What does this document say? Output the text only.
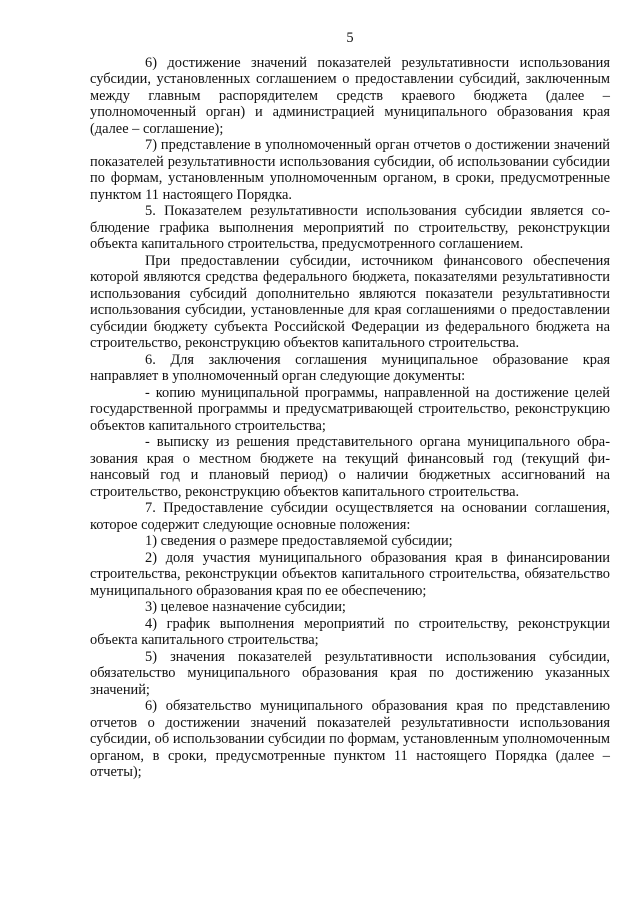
5

6) достижение значений показателей результативности использования субсидии, установленных соглашением о предоставлении субсидий, заключенным между главным распорядителем средств краевого бюджета (далее – уполномоченный орган) и администрацией муниципального образования края (далее – соглашение);

7) представление в уполномоченный орган отчетов о достижении значений показателей результативности использования субсидии, об использовании субсидии по формам, установленным уполномоченным органом, в сроки, предусмотренные пунктом 11 настоящего Порядка.

5. Показателем результативности использования субсидии является соблюдение графика выполнения мероприятий по строительству, реконструкции объекта капитального строительства, предусмотренного соглашением.

При предоставлении субсидии, источником финансового обеспечения которой являются средства федерального бюджета, показателями результативности использования субсидий дополнительно являются показатели результативности использования субсидии, установленные для края соглашениями о предоставлении субсидии бюджету субъекта Российской Федерации из федерального бюджета на строительство, реконструкцию объектов капитального строительства.

6. Для заключения соглашения муниципальное образование края направляет в уполномоченный орган следующие документы:

- копию муниципальной программы, направленной на достижение целей государственной программы и предусматривающей строительство, реконструкцию объектов капитального строительства;

- выписку из решения представительного органа муниципального образования края о местном бюджете на текущий финансовый год (текущий финансовый год и плановый период) о наличии бюджетных ассигнований на строительство, реконструкцию объектов капитального строительства.

7. Предоставление субсидии осуществляется на основании соглашения, которое содержит следующие основные положения:

1) сведения о размере предоставляемой субсидии;

2) доля участия муниципального образования края в финансировании строительства, реконструкции объектов капитального строительства, обязательство муниципального образования края по ее обеспечению;

3) целевое назначение субсидии;

4) график выполнения мероприятий по строительству, реконструкции объекта капитального строительства;

5) значения показателей результативности использования субсидии, обязательство муниципального образования края по достижению указанных значений;

6) обязательство муниципального образования края по представлению отчетов о достижении значений показателей результативности использования субсидии, об использовании субсидии по формам, установленным уполномоченным органом, в сроки, предусмотренные пунктом 11 настоящего Порядка (далее – отчеты);
